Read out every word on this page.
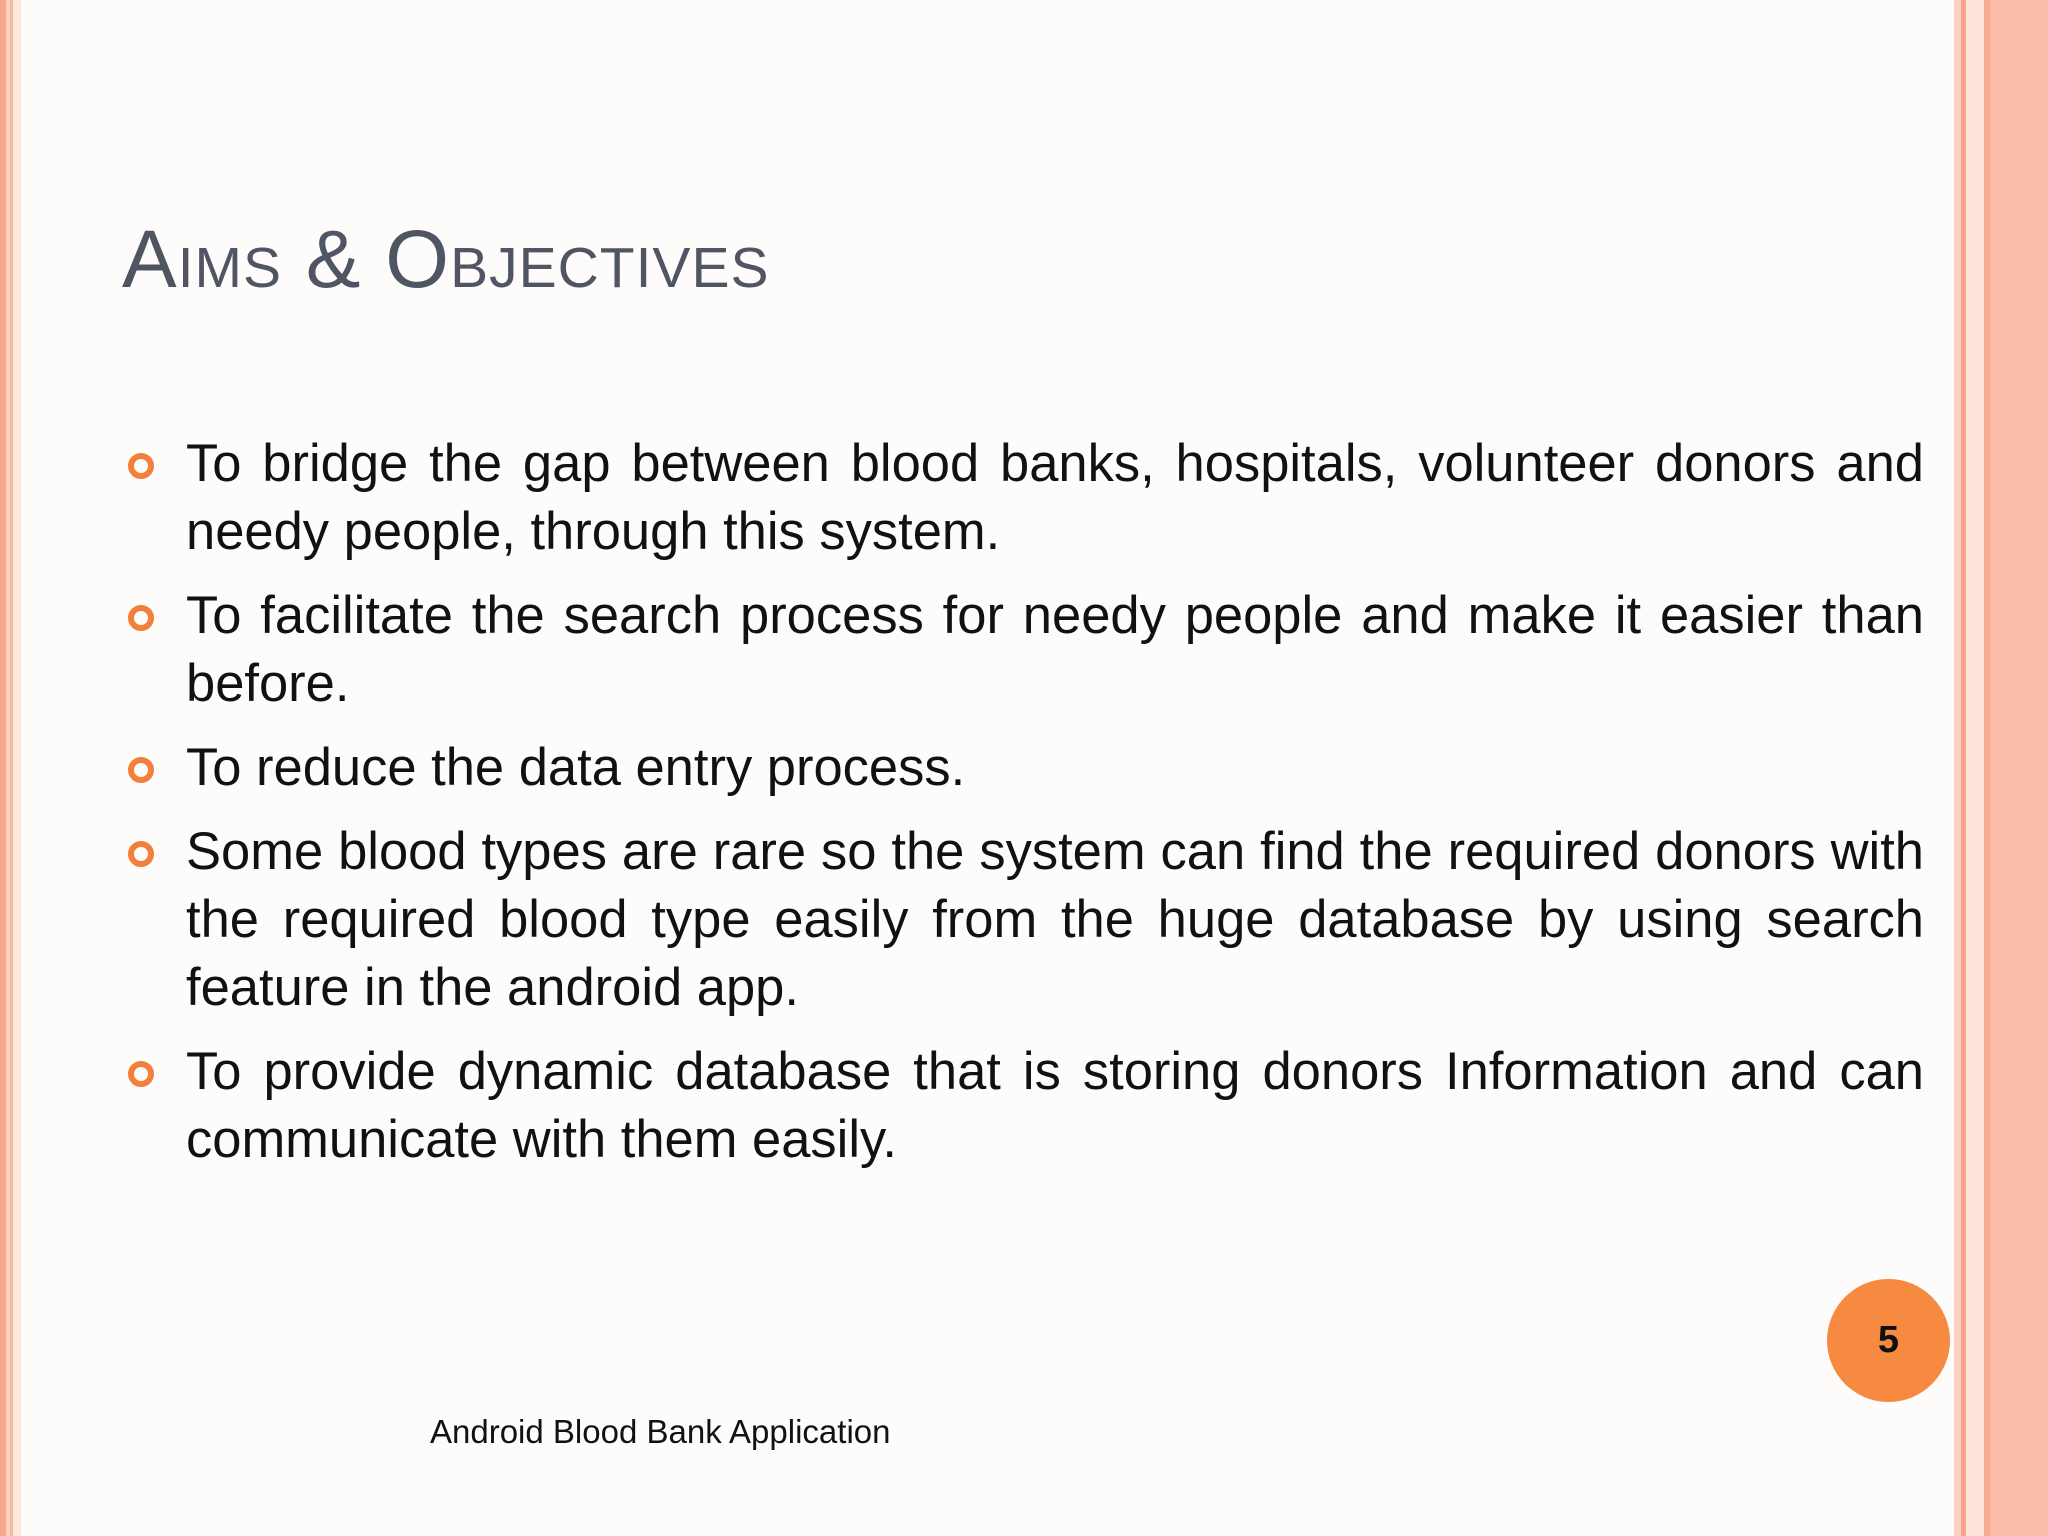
Aims & Objectives
To bridge the gap between blood banks, hospitals, volunteer donors and needy people, through this system.
To facilitate the search process for needy people and make it easier than before.
To reduce the data entry process.
Some blood types are rare so the system can find the required donors with the required blood type easily from the huge database by using search feature in the android app.
To provide dynamic database that is storing donors Information and can communicate with them easily.
5
Android Blood Bank Application
